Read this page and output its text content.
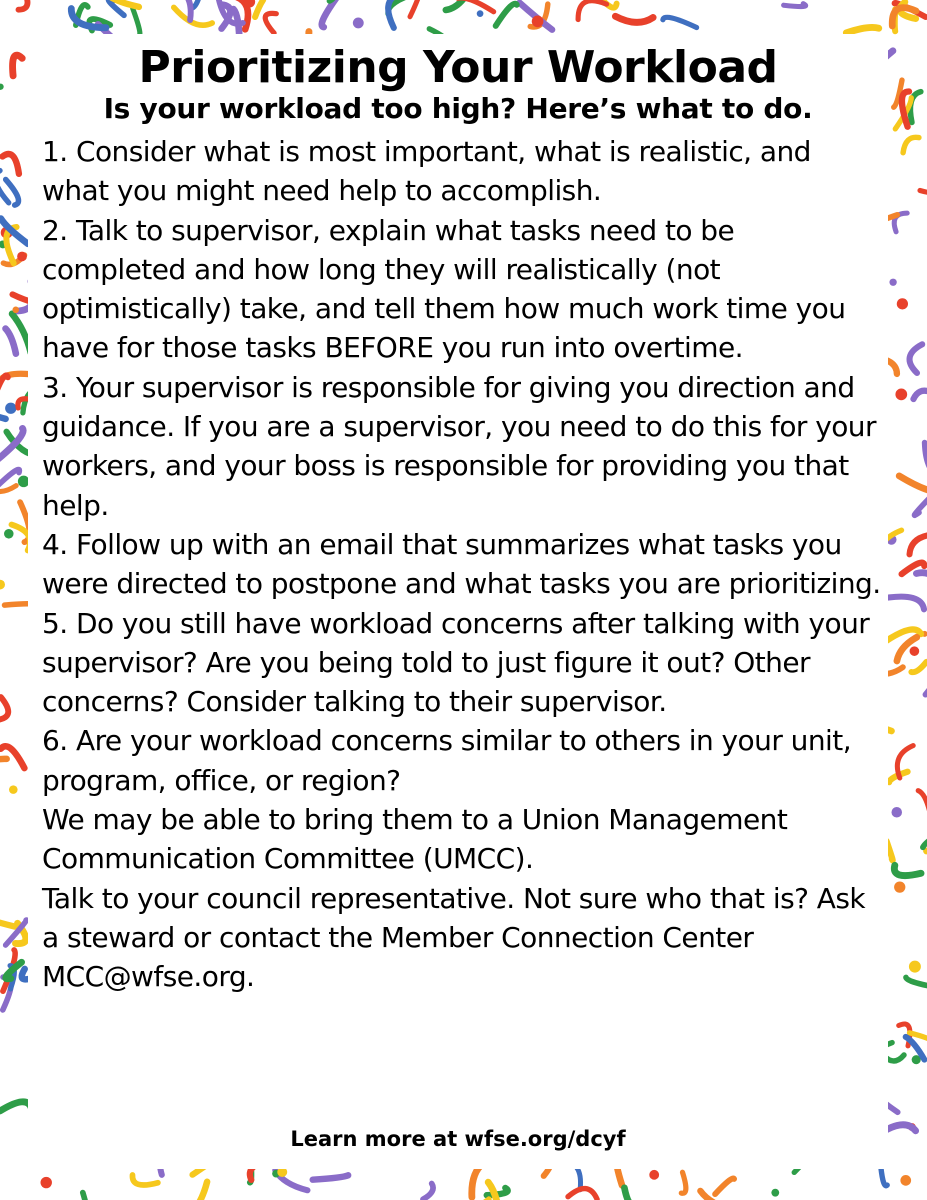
Prioritizing Your Workload
Is your workload too high? Here’s what to do.

1. Consider what is most important, what is realistic, and what you might need help to accomplish.

2. Talk to supervisor, explain what tasks need to be completed and how long they will realistically (not optimistically) take, and tell them how much work time you have for those tasks BEFORE you run into overtime.

3. Your supervisor is responsible for giving you direction and guidance. If you are a supervisor, you need to do this for your workers, and your boss is responsible for providing you that help.

4. Follow up with an email that summarizes what tasks you were directed to postpone and what tasks you are prioritizing.

5. Do you still have workload concerns after talking with your supervisor? Are you being told to just figure it out? Other concerns? Consider talking to their supervisor.

6. Are your workload concerns similar to others in your unit, program, office, or region?

We may be able to bring them to a Union Management Communication Committee (UMCC).

Talk to your council representative. Not sure who that is? Ask a steward or contact the Member Connection Center MCC@wfse.org.

Learn more at wfse.org/dcyf
